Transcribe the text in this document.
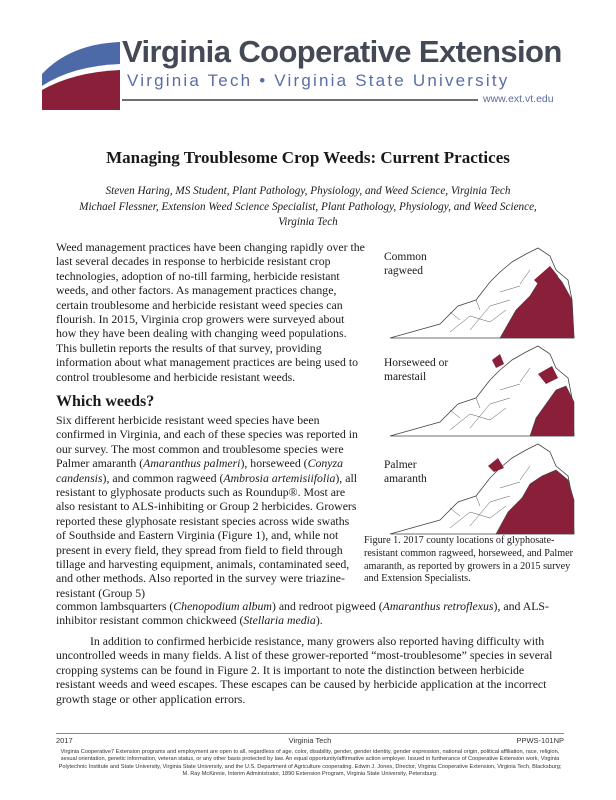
Virginia Cooperative Extension
Virginia Tech • Virginia State University
www.ext.vt.edu
Managing Troublesome Crop Weeds: Current Practices
Steven Haring, MS Student, Plant Pathology, Physiology, and Weed Science, Virginia Tech
Michael Flessner, Extension Weed Science Specialist, Plant Pathology, Physiology, and Weed Science, Virginia Tech

Weed management practices have been changing rapidly over the last several decades in response to herbicide resistant crop technologies, adoption of no-till farming, herbicide resistant weeds, and other factors. As management practices change, certain troublesome and herbicide resistant weed species can flourish. In 2015, Virginia crop growers were surveyed about how they have been dealing with changing weed populations. This bulletin reports the results of that survey, providing information about what management practices are being used to control troublesome and herbicide resistant weeds.

Which weeds?

Six different herbicide resistant weed species have been confirmed in Virginia, and each of these species was reported in our survey. The most common and troublesome species were Palmer amaranth (Amaranthus palmeri), horseweed (Conyza candensis), and common ragweed (Ambrosia artemisiifolia), all resistant to glyphosate products such as Roundup®. Most are also resistant to ALS-inhibiting or Group 2 herbicides. Growers reported these glyphosate resistant species across wide swaths of Southside and Eastern Virginia (Figure 1), and, while not present in every field, they spread from field to field through tillage and harvesting equipment, animals, contaminated seed, and other methods. Also reported in the survey were triazine-resistant (Group 5)

common lambsquarters (Chenopodium album) and redroot pigweed (Amaranthus retroflexus), and ALS-inhibitor resistant common chickweed (Stellaria media).

In addition to confirmed herbicide resistance, many growers also reported having difficulty with uncontrolled weeds in many fields. A list of these grower-reported “most-troublesome” species in several cropping systems can be found in Figure 2. It is important to note the distinction between herbicide resistant weeds and weed escapes. These escapes can be caused by herbicide application at the incorrect growth stage or other application errors.

Common
ragweed
Horseweed or
marestail
Palmer
amaranth
Figure 1. 2017 county locations of glyphosate-resistant common ragweed, horseweed, and Palmer amaranth, as reported by growers in a 2015 survey and Extension Specialists.
2017	Virginia Tech	PPWS-101NP
Virginia Cooperative7 Extension programs and employment are open to all, regardless of age, color, disability, gender, gender identity, gender expression, national origin, political affiliation, race, religion, sexual orientation, genetic information, veteran status, or any other basis protected by law. An equal opportunity/affirmative action employer. Issued in furtherance of Cooperative Extension work, Virginia Polytechnic Institute and State University, Virginia State University, and the U.S. Department of Agriculture cooperating. Edwin J. Jones, Director, Virginia Cooperative Extension, Virginia Tech, Blacksburg; M. Ray McKinnie, Interim Administrator, 1890 Extension Program, Virginia State University, Petersburg.
